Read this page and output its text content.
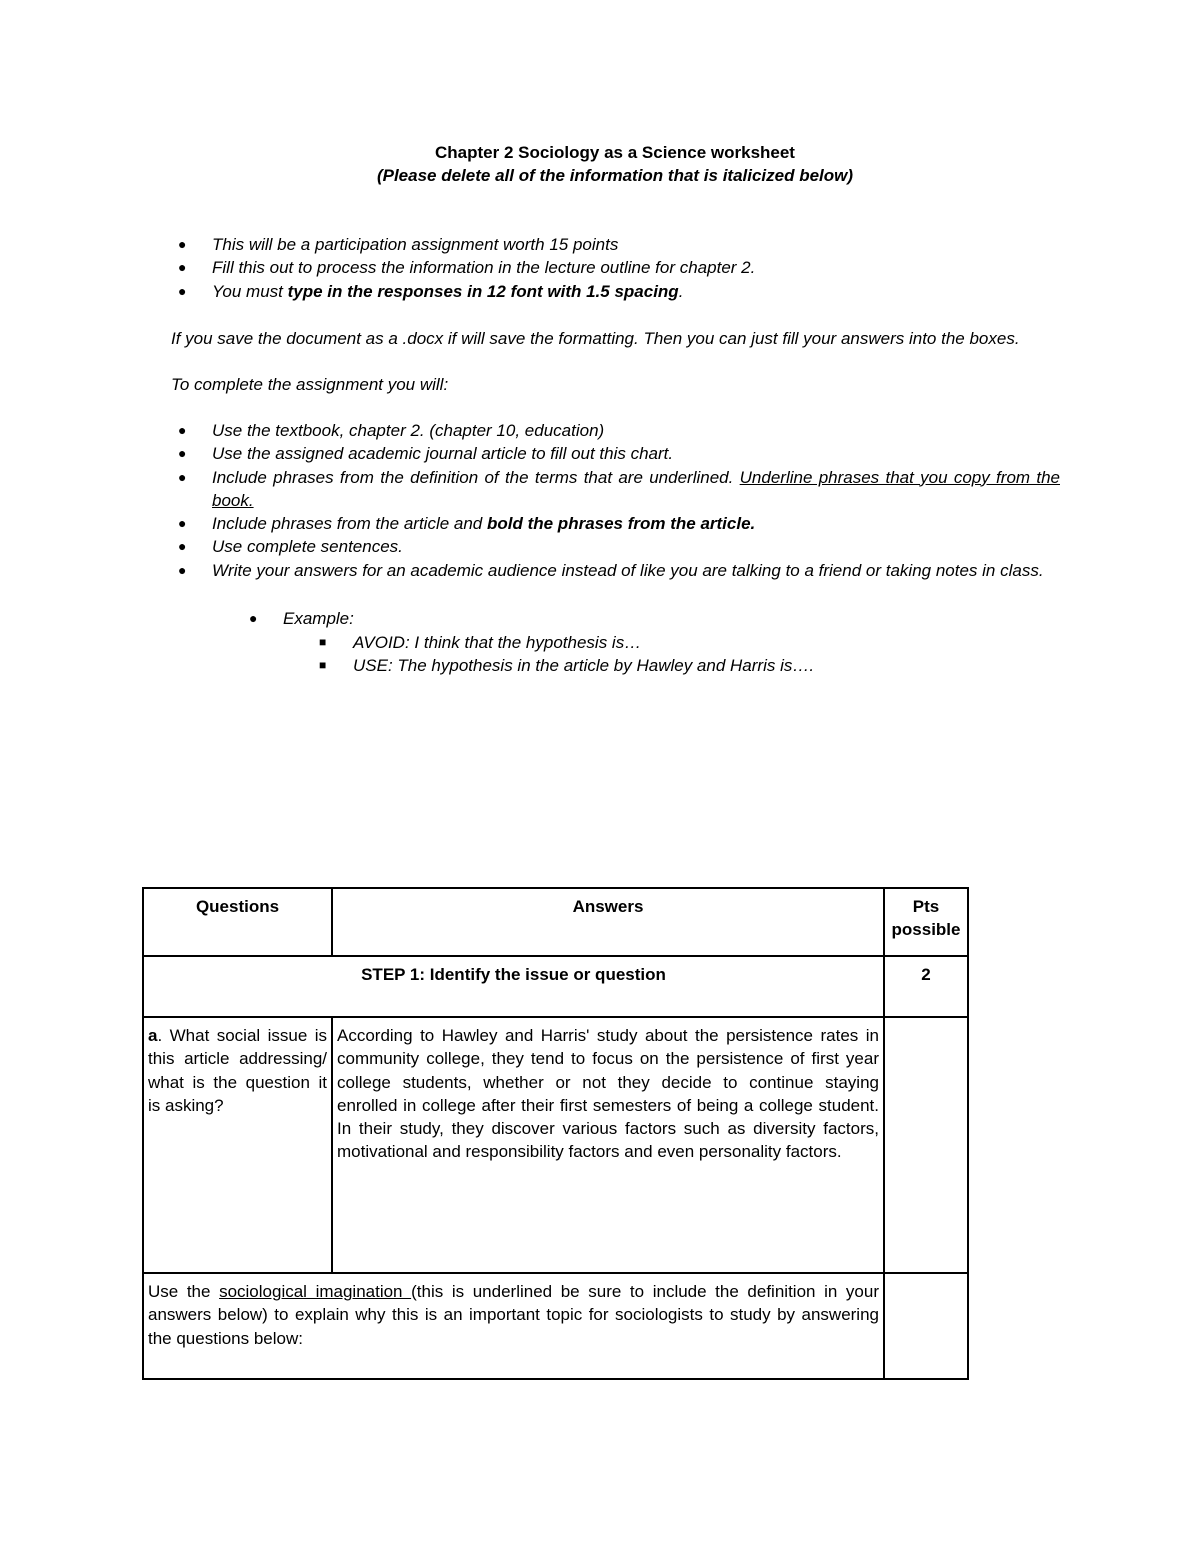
Chapter 2 Sociology as a Science worksheet
(Please delete all of the information that is italicized below)
●	This will be a participation assignment worth 15 points
●	Fill this out to process the information in the lecture outline for chapter 2.
●	You must type in the responses in 12 font with 1.5 spacing.
If you save the document as a .docx if will save the formatting. Then you can just fill your answers into the boxes.
To complete the assignment you will:
●	Use the textbook, chapter 2. (chapter 10, education)
●	Use the assigned academic journal article to fill out this chart.
●	Include phrases from the definition of the terms that are underlined. Underline phrases that you copy from the book.
●	Include phrases from the article and bold the phrases from the article.
●	Use complete sentences.
●	Write your answers for an academic audience instead of like you are talking to a friend or taking notes in class.
●	Example:
■	AVOID: I think that the hypothesis is…
■	USE: The hypothesis in the article by Hawley and Harris is….
Questions	Answers	Pts possible
STEP 1: Identify the issue or question		2
a. What social issue is this article addressing/ what is the question it is asking?	According to Hawley and Harris' study about the persistence rates in community college, they tend to focus on the persistence of first year college students, whether or not they decide to continue staying enrolled in college after their first semesters of being a college student. In their study, they discover various factors such as diversity factors, motivational and responsibility factors and even personality factors.	
Use the sociological imagination (this is underlined be sure to include the definition in your answers below) to explain why this is an important topic for sociologists to study by answering the questions below:		
